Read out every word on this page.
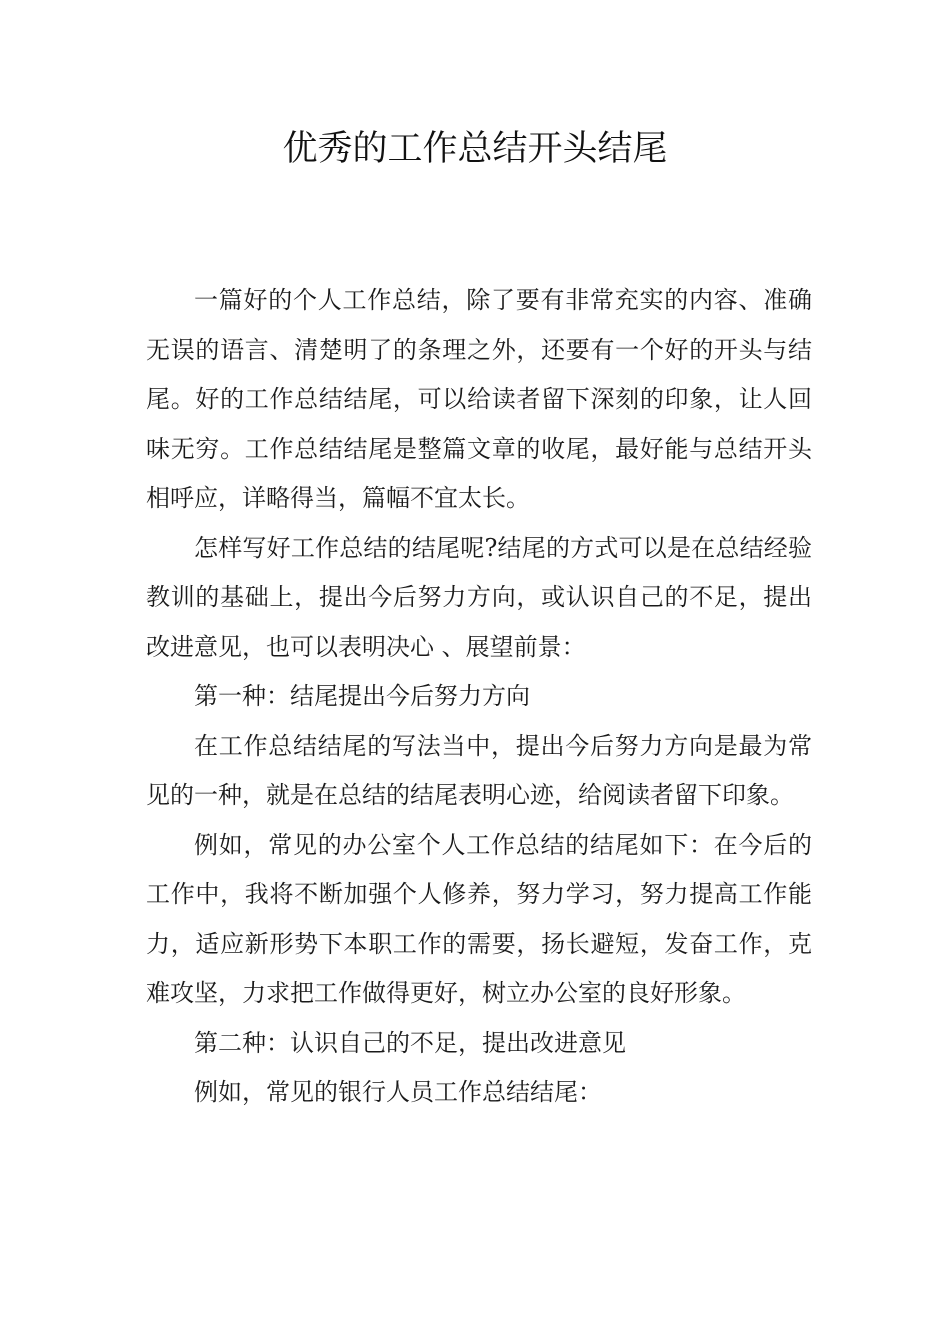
优秀的工作总结开头结尾

一篇好的个人工作总结，除了要有非常充实的内容、准确无误的语言、清楚明了的条理之外，还要有一个好的开头与结尾。好的工作总结结尾，可以给读者留下深刻的印象，让人回味无穷。工作总结结尾是整篇文章的收尾，最好能与总结开头相呼应，详略得当，篇幅不宜太长。

怎样写好工作总结的结尾呢?结尾的方式可以是在总结经验教训的基础上，提出今后努力方向，或认识自己的不足，提出改进意见，也可以表明决心 、展望前景：

第一种：结尾提出今后努力方向

在工作总结结尾的写法当中，提出今后努力方向是最为常见的一种，就是在总结的结尾表明心迹，给阅读者留下印象。

例如，常见的办公室个人工作总结的结尾如下：在今后的工作中，我将不断加强个人修养，努力学习，努力提高工作能力，适应新形势下本职工作的需要，扬长避短，发奋工作，克难攻坚，力求把工作做得更好，树立办公室的良好形象。

第二种：认识自己的不足，提出改进意见

例如，常见的银行人员工作总结结尾：
